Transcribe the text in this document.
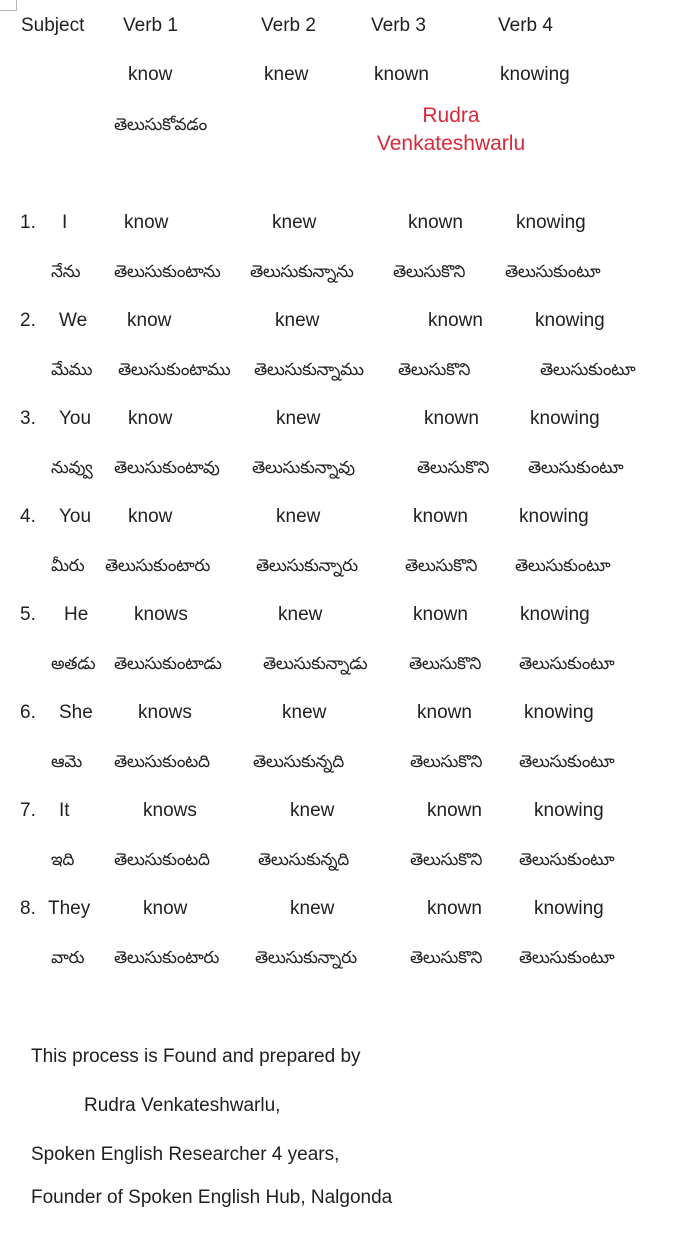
Subject Verb 1	Verb 2	Verb 3	Verb 4
know	knew	known	knowing
తెలుసుకోవడం	Rudra
Venkateshwarlu
1. I	know	knew	known	knowing
నేను తెలుసుకుంటాను తెలుసుకున్నాను తెలుసుకొని తెలుసుకుంటూ
2. We know	knew	known	knowing
మేము తెలుసుకుంటాము తెలుసుకున్నాము తెలుసుకొని	తెలుసుకుంటూ
3. You know	knew	known	knowing
నువ్వు తెలుసుకుంటావు తెలుసుకున్నావు	తెలుసుకొని తెలుసుకుంటూ
4. You know	knew	known	knowing
మీరు తెలుసుకుంటారు	తెలుసుకున్నారు	తెలుసుకొని తెలుసుకుంటూ
5. He knows	knew	known	knowing
అతడు తెలుసుకుంటాడు తెలుసుకున్నాడు తెలుసుకొని తెలుసుకుంటూ
6. She knows	knew	known	knowing
ఆమె తెలుసుకుంటది	తెలుసుకున్నది	తెలుసుకొని తెలుసుకుంటూ
7. It	knows	knew	known	knowing
ఇది తెలుసుకుంటది	తెలుసుకున్నది	తెలుసుకొని తెలుసుకుంటూ
8. They	know	knew	known	knowing
వారు తెలుసుకుంటారు తెలుసుకున్నారు	తెలుసుకొని తెలుసుకుంటూ
This process is Found and prepared by
Rudra Venkateshwarlu,
Spoken English Researcher 4 years,
Founder of Spoken English Hub, Nalgonda
